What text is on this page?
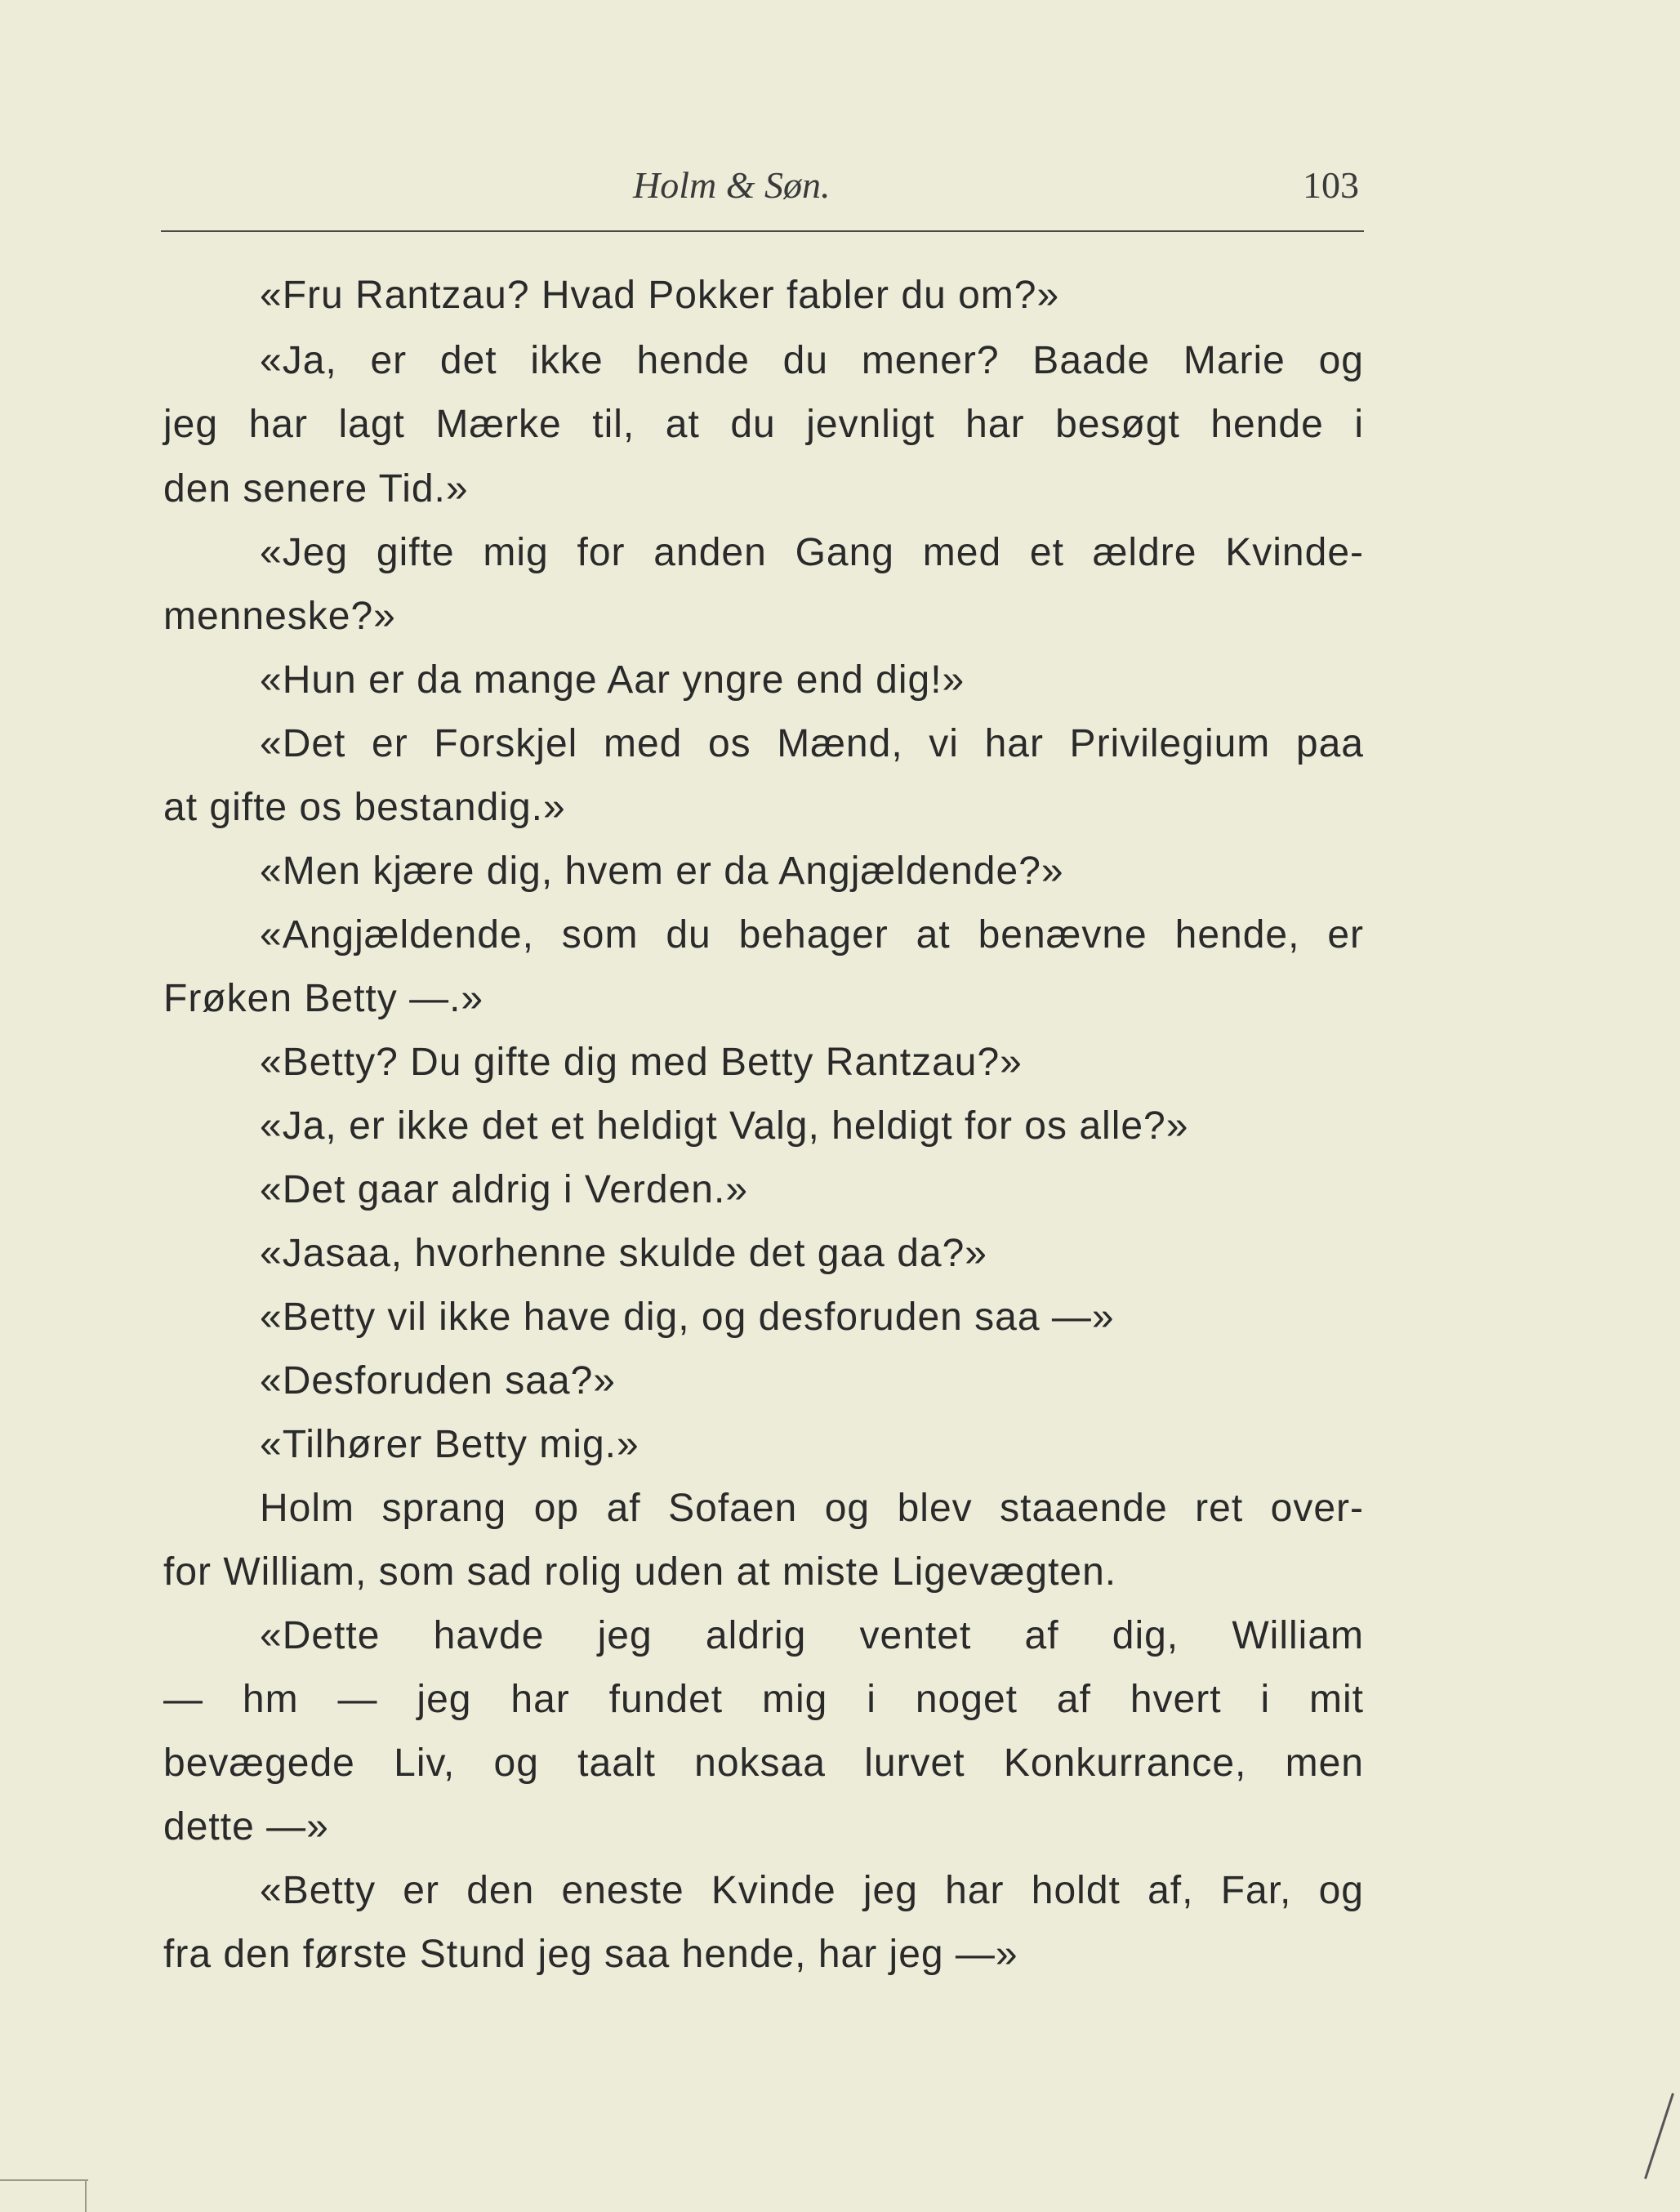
Holm & Søn.	103
«Fru Rantzau? Hvad Pokker fabler du om?»
«Ja, er det ikke hende du mener? Baade Marie og
jeg har lagt Mærke til, at du jevnligt har besøgt hende i
den senere Tid.»
«Jeg gifte mig for anden Gang med et ældre Kvinde-
menneske?»
«Hun er da mange Aar yngre end dig!»
«Det er Forskjel med os Mænd, vi har Privilegium paa
at gifte os bestandig.»
«Men kjære dig, hvem er da Angjældende?»
«Angjældende, som du behager at benævne hende, er
Frøken Betty —.»
«Betty? Du gifte dig med Betty Rantzau?»
«Ja, er ikke det et heldigt Valg, heldigt for os alle?»
«Det gaar aldrig i Verden.»
«Jasaa, hvorhenne skulde det gaa da?»
«Betty vil ikke have dig, og desforuden saa —»
«Desforuden saa?»
«Tilhører Betty mig.»
Holm sprang op af Sofaen og blev staaende ret over-
for William, som sad rolig uden at miste Ligevægten.
«Dette havde jeg aldrig ventet af dig, William
— hm — jeg har fundet mig i noget af hvert i mit
bevægede Liv, og taalt noksaa lurvet Konkurrance, men
dette —»
«Betty er den eneste Kvinde jeg har holdt af, Far, og
fra den første Stund jeg saa hende, har jeg —»
